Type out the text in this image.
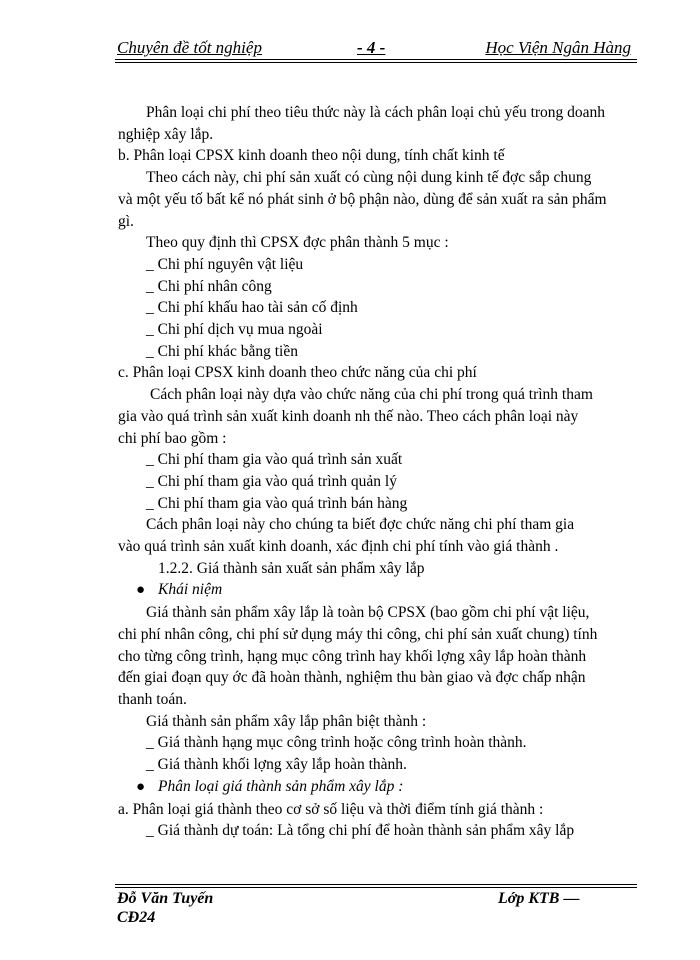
Chuyên đề tốt nghiệp	- 4 -	Học Viện Ngân Hàng

Phân loại chi phí theo tiêu thức này là cách phân loại chủ yếu trong doanh

nghiệp xây lắp.

b. Phân loại CPSX kinh doanh theo nội dung, tính chất kinh tế

Theo cách này, chi phí sản xuất có cùng nội dung kinh tế đợc sắp chung

và một yếu tố bất kể nó phát sinh ở bộ phận nào, dùng để sản xuất ra sản phẩm

gì.

Theo quy định thì CPSX đợc phân thành 5 mục :

_ Chi phí nguyên vật liệu

_ Chi phí nhân công

_ Chi phí khấu hao tài sản cố định

_ Chi phí dịch vụ mua ngoài

_ Chi phí khác bằng tiền

c. Phân loại CPSX kinh doanh theo chức năng của chi phí

Cách phân loại này dựa vào chức năng của chi phí trong quá trình tham

gia vào quá trình sản xuất kinh doanh nh thế nào. Theo cách phân loại này

chi phí bao gồm :

_ Chi phí tham gia vào quá trình sản xuất

_ Chi phí tham gia vào quá trình quản lý

_ Chi phí tham gia vào quá trình bán hàng

Cách phân loại này cho chúng ta biết đợc chức năng chi phí tham gia

vào quá trình sản xuất kinh doanh, xác định chi phí tính vào giá thành .

1.2.2. Giá thành sản xuất sản phẩm xây lắp

● Khái niệm

Giá thành sản phẩm xây lắp là toàn bộ CPSX (bao gồm chi phí vật liệu,

chi phí nhân công, chi phí sử dụng máy thi công, chi phí sản xuất chung) tính

cho từng công trình, hạng mục công trình hay khối lợng xây lắp hoàn thành

đến giai đoạn quy ớc đã hoàn thành, nghiệm thu bàn giao và đợc chấp nhận

thanh toán.

Giá thành sản phẩm xây lắp phân biệt thành :

_ Giá thành hạng mục công trình hoặc công trình hoàn thành.

_ Giá thành khối lợng xây lắp hoàn thành.

● Phân loại giá thành sản phẩm xây lắp :

a. Phân loại giá thành theo cơ sở số liệu và thời điểm tính giá thành :

_ Giá thành dự toán: Là tổng chi phí để hoàn thành sản phẩm xây lắp

Đỗ Văn Tuyến
CĐ24
Lớp KTB —
